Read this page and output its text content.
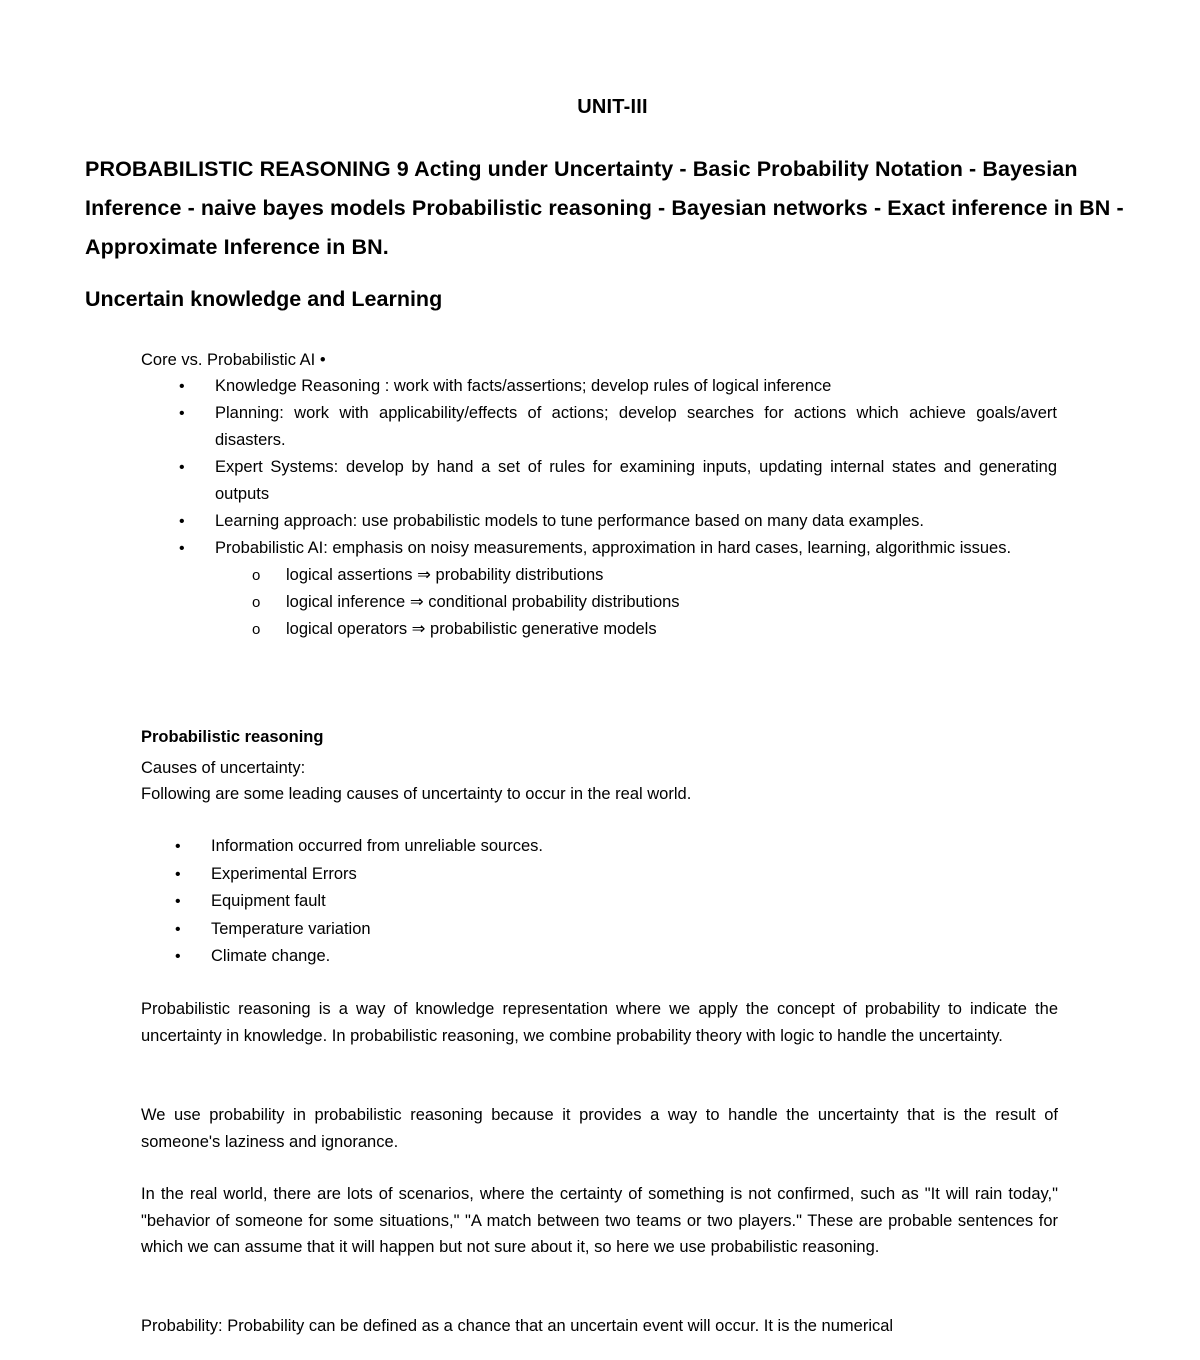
UNIT-III
PROBABILISTIC REASONING 9 Acting under Uncertainty - Basic Probability Notation - Bayesian Inference - naive bayes models Probabilistic reasoning - Bayesian networks - Exact inference in BN - Approximate Inference in BN.
Uncertain knowledge and Learning
Core vs. Probabilistic AI •
• Knowledge Reasoning : work with facts/assertions; develop rules of logical inference
• Planning: work with applicability/effects of actions; develop searches for actions which achieve goals/avert disasters.
• Expert Systems: develop by hand a set of rules for examining inputs, updating internal states and generating outputs
• Learning approach: use probabilistic models to tune performance based on many data examples.
• Probabilistic AI: emphasis on noisy measurements, approximation in hard cases, learning, algorithmic issues.
o logical assertions ⇒ probability distributions
o logical inference ⇒ conditional probability distributions
o logical operators ⇒ probabilistic generative models
Probabilistic reasoning
Causes of uncertainty:
Following are some leading causes of uncertainty to occur in the real world.
• Information occurred from unreliable sources.
• Experimental Errors
• Equipment fault
• Temperature variation
• Climate change.
Probabilistic reasoning is a way of knowledge representation where we apply the concept of probability to indicate the uncertainty in knowledge. In probabilistic reasoning, we combine probability theory with logic to handle the uncertainty.
We use probability in probabilistic reasoning because it provides a way to handle the uncertainty that is the result of someone's laziness and ignorance.
In the real world, there are lots of scenarios, where the certainty of something is not confirmed, such as "It will rain today," "behavior of someone for some situations," "A match between two teams or two players." These are probable sentences for which we can assume that it will happen but not sure about it, so here we use probabilistic reasoning.
Probability: Probability can be defined as a chance that an uncertain event will occur. It is the numerical
